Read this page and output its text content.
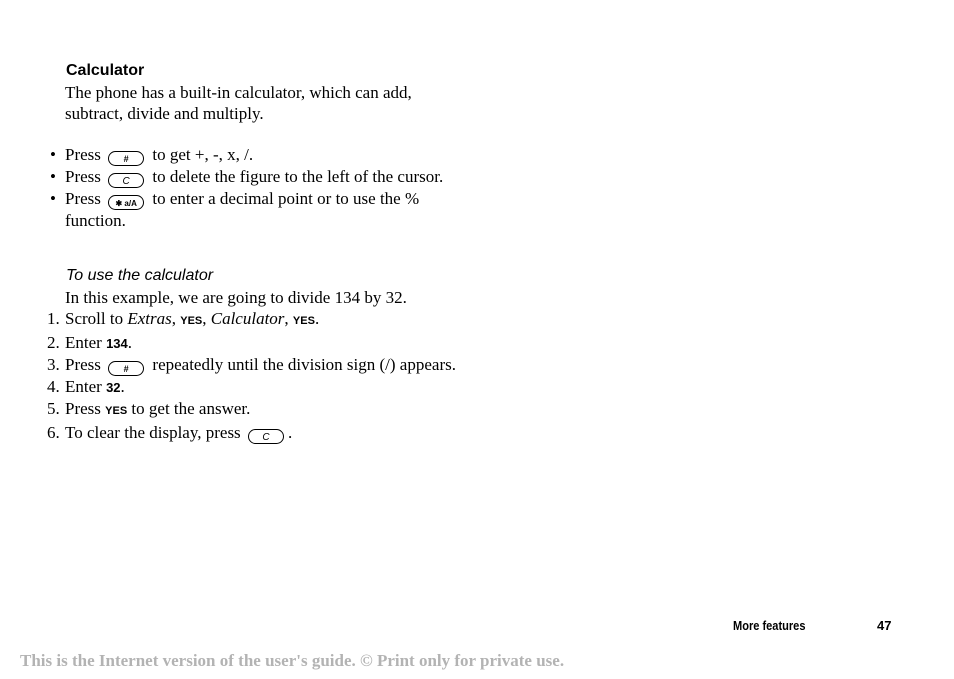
Calculator
The phone has a built-in calculator, which can add, subtract, divide and multiply.
• Press	# to get +, -, x, /.
• Press C to delete the figure to the left of the cursor.
• Press ✱ a/A to enter a decimal point or to use the % function.
To use the calculator
In this example, we are going to divide 134 by 32.
1. Scroll to Extras, YES, Calculator, YES.
2. Enter 134.
3. Press	# repeatedly until the division sign (/) appears.
4. Enter 32.
5. Press YES to get the answer.
6. To clear the display, press C .
More features	47
This is the Internet version of the user's guide. © Print only for private use.
